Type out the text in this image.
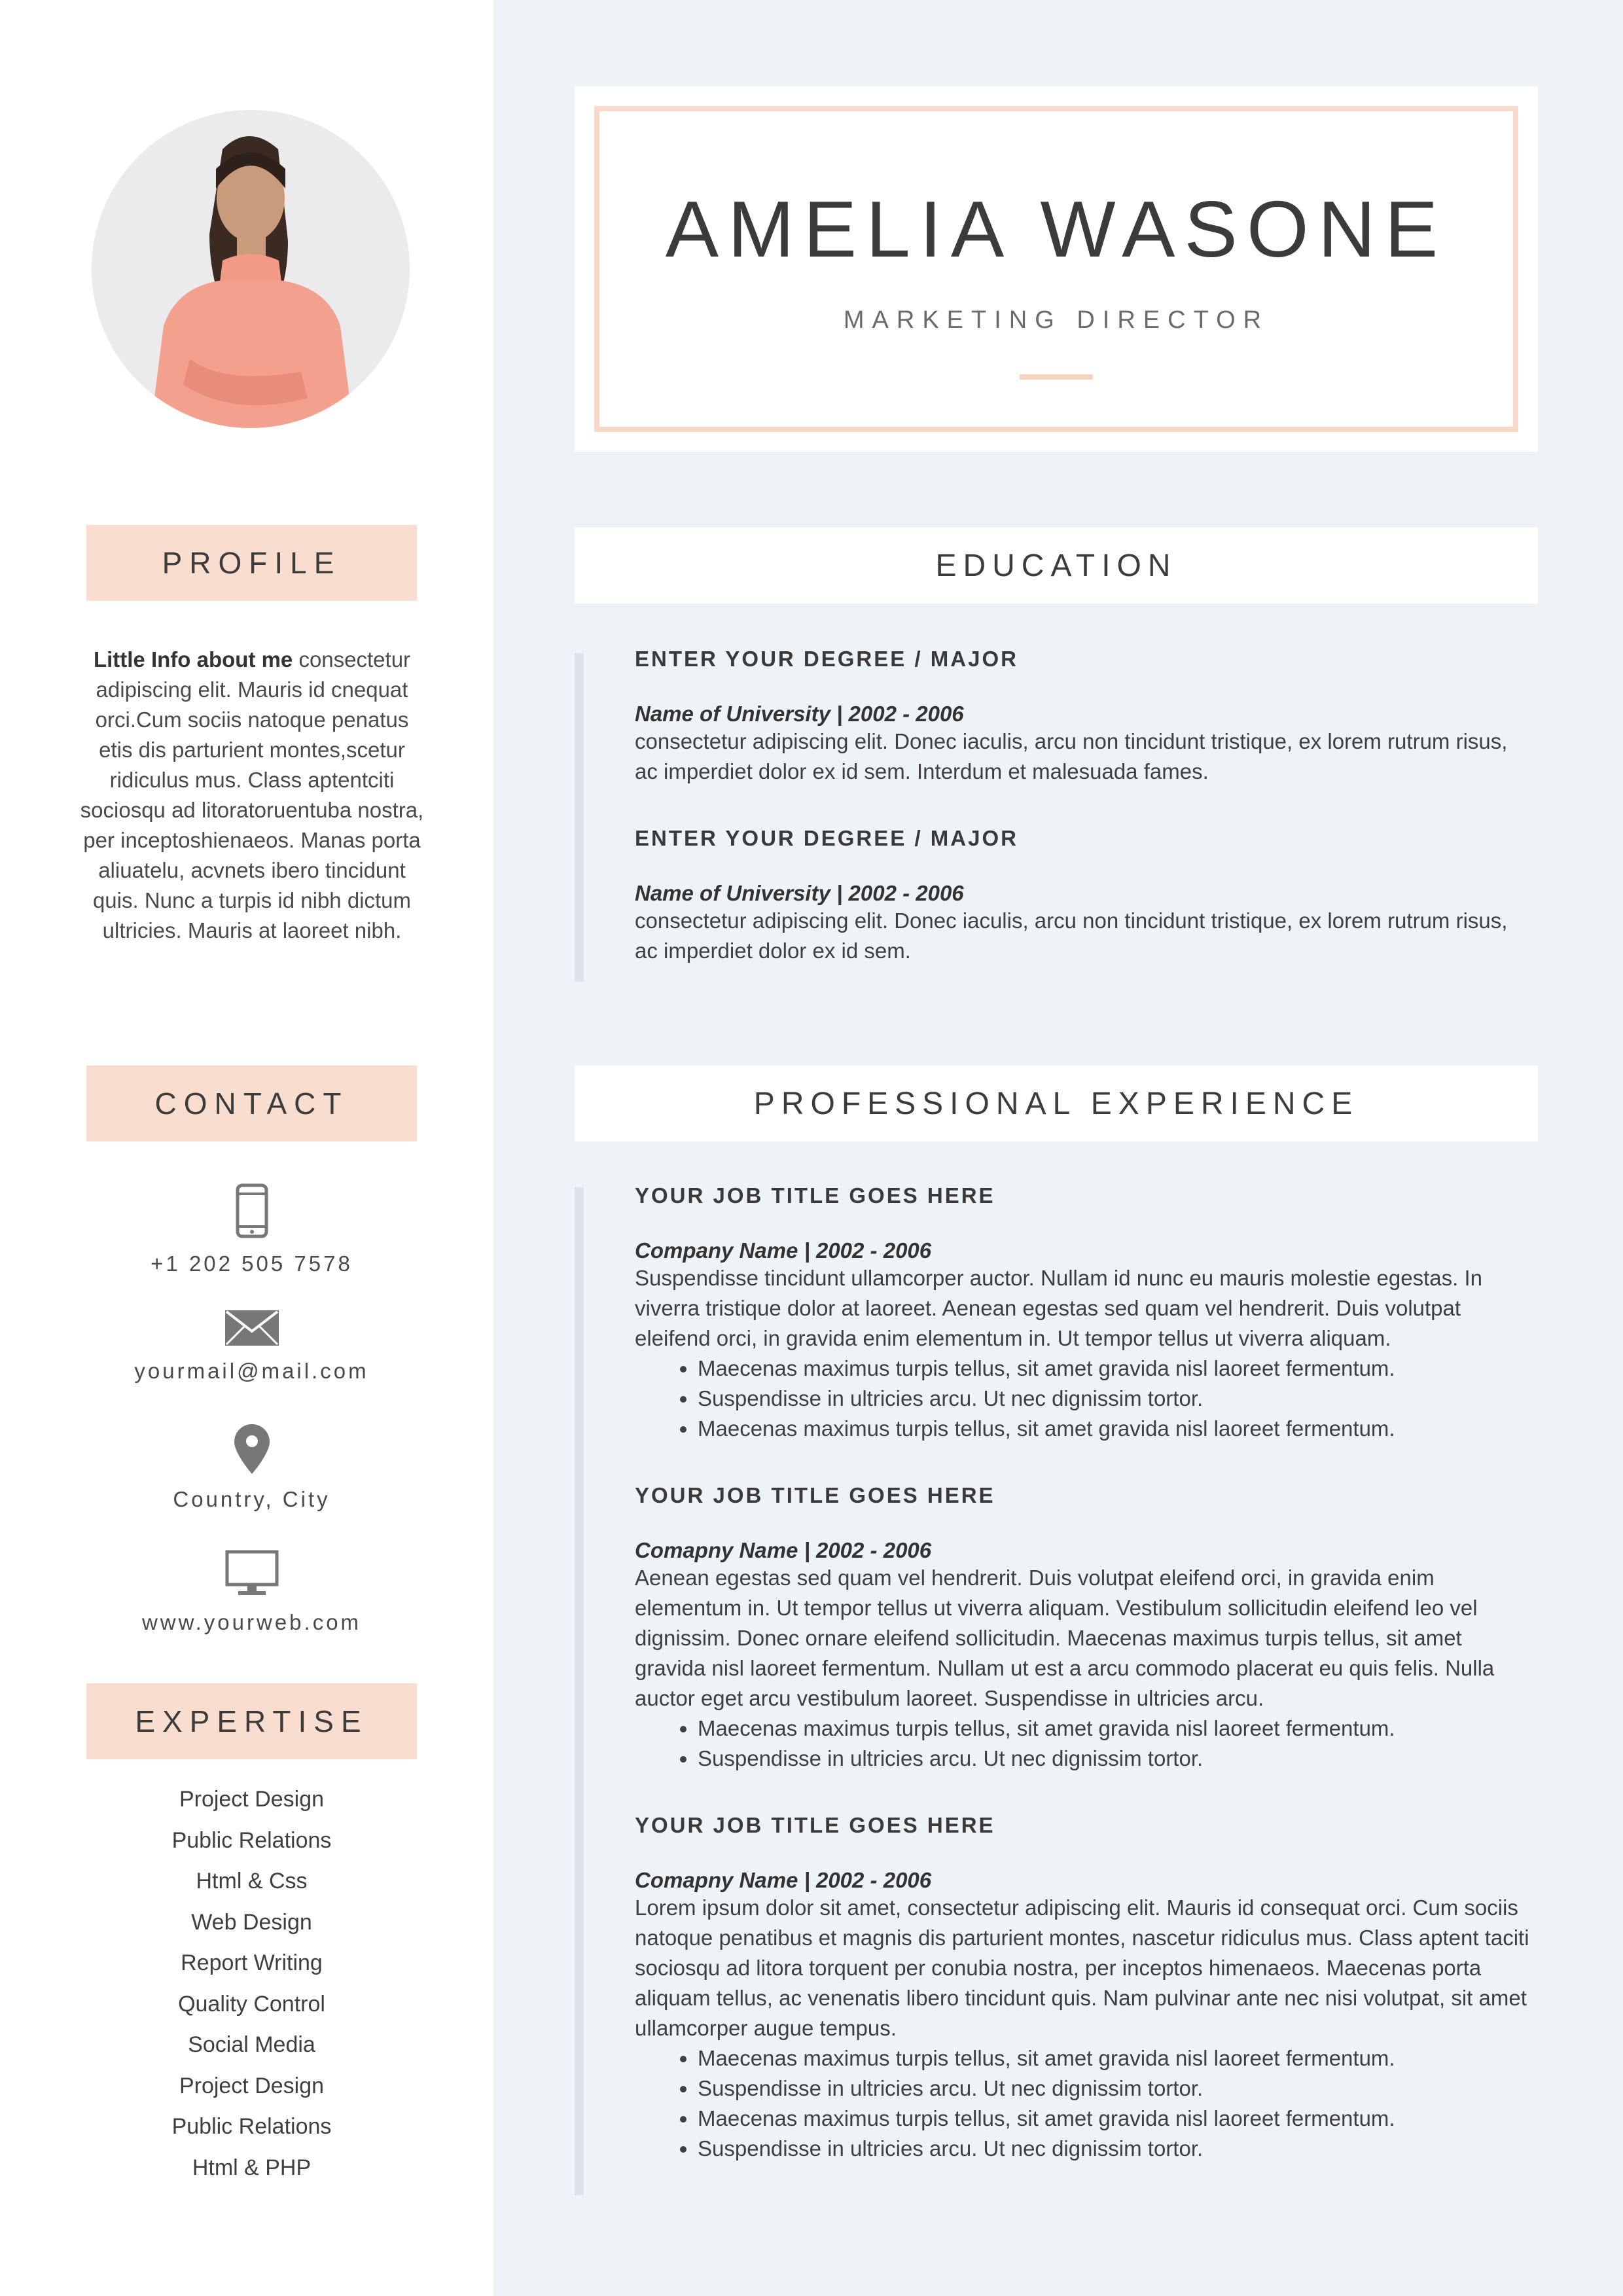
PROFILE
Little Info about me consectetur adipiscing elit. Mauris id cnequat orci.Cum sociis natoque penatus etis dis parturient montes,scetur ridiculus mus. Class aptentciti sociosqu ad litoratoruentuba nostra, per inceptoshienaeos. Manas porta aliuatelu, acvnets ibero tincidunt quis. Nunc a turpis id nibh dictum ultricies. Mauris at laoreet nibh.
CONTACT
+1 202 505 7578
yourmail@mail.com
Country, City
www.yourweb.com
EXPERTISE
Project Design
Public Relations
Html & Css
Web Design
Report Writing
Quality Control
Social Media
Project Design
Public Relations
Html & PHP
AMELIA WASONE
MARKETING DIRECTOR
EDUCATION
ENTER YOUR DEGREE / MAJOR
Name of University | 2002 - 2006
consectetur adipiscing elit. Donec iaculis, arcu non tincidunt tristique, ex lorem rutrum risus, ac imperdiet dolor ex id sem. Interdum et malesuada fames.
ENTER YOUR DEGREE / MAJOR
Name of University | 2002 - 2006
consectetur adipiscing elit. Donec iaculis, arcu non tincidunt tristique, ex lorem rutrum risus, ac imperdiet dolor ex id sem.
PROFESSIONAL EXPERIENCE
YOUR JOB TITLE GOES HERE
Company Name | 2002 - 2006
Suspendisse tincidunt ullamcorper auctor. Nullam id nunc eu mauris molestie egestas. In viverra tristique dolor at laoreet. Aenean egestas sed quam vel hendrerit. Duis volutpat eleifend orci, in gravida enim elementum in. Ut tempor tellus ut viverra aliquam.
• Maecenas maximus turpis tellus, sit amet gravida nisl laoreet fermentum.
• Suspendisse in ultricies arcu. Ut nec dignissim tortor.
• Maecenas maximus turpis tellus, sit amet gravida nisl laoreet fermentum.
YOUR JOB TITLE GOES HERE
Comapny Name | 2002 - 2006
Aenean egestas sed quam vel hendrerit. Duis volutpat eleifend orci, in gravida enim elementum in. Ut tempor tellus ut viverra aliquam. Vestibulum sollicitudin eleifend leo vel dignissim. Donec ornare eleifend sollicitudin. Maecenas maximus turpis tellus, sit amet gravida nisl laoreet fermentum. Nullam ut est a arcu commodo placerat eu quis felis. Nulla auctor eget arcu vestibulum laoreet. Suspendisse in ultricies arcu.
• Maecenas maximus turpis tellus, sit amet gravida nisl laoreet fermentum.
• Suspendisse in ultricies arcu. Ut nec dignissim tortor.
YOUR JOB TITLE GOES HERE
Comapny Name | 2002 - 2006
Lorem ipsum dolor sit amet, consectetur adipiscing elit. Mauris id consequat orci. Cum sociis natoque penatibus et magnis dis parturient montes, nascetur ridiculus mus. Class aptent taciti sociosqu ad litora torquent per conubia nostra, per inceptos himenaeos. Maecenas porta aliquam tellus, ac venenatis libero tincidunt quis. Nam pulvinar ante nec nisi volutpat, sit amet ullamcorper augue tempus.
• Maecenas maximus turpis tellus, sit amet gravida nisl laoreet fermentum.
• Suspendisse in ultricies arcu. Ut nec dignissim tortor.
• Maecenas maximus turpis tellus, sit amet gravida nisl laoreet fermentum.
• Suspendisse in ultricies arcu. Ut nec dignissim tortor.
